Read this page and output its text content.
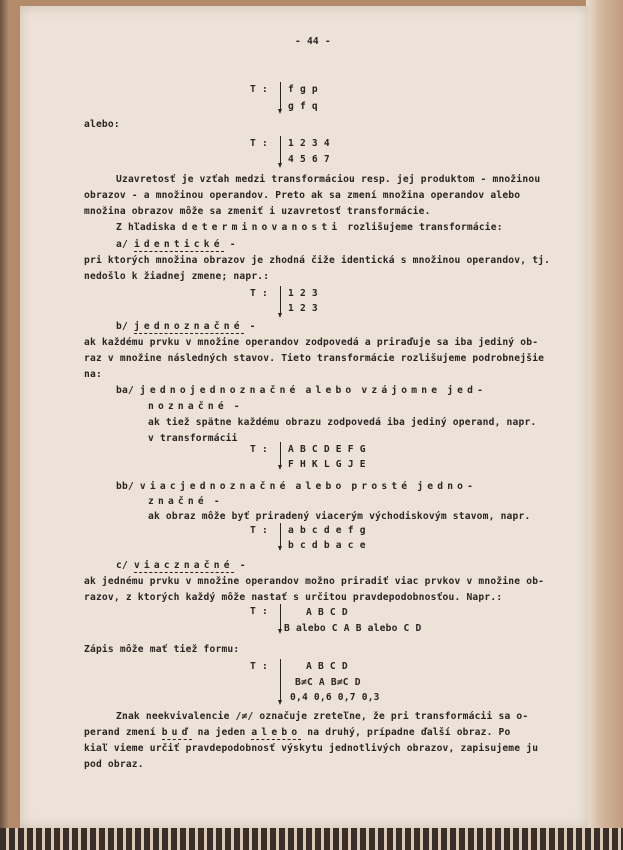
- 44 -
T : f g p
g f q
alebo:
T : 1 2 3 4
4 5 6 7
Uzavretosť je vzťah medzi transformáciou resp. jej produktom - množinou
obrazov - a množinou operandov. Preto ak sa zmení množina operandov alebo
množina obrazov môže sa zmeniť i uzavretosť transformácie.
Z hľadiska determinovanosti rozlišujeme transformácie:
a/ identické -
pri ktorých množina obrazov je zhodná čiže identická s množinou operandov, tj.
nedošlo k žiadnej zmene; napr.:
T : 1 2 3
1 2 3
b/ jednoznačné -
ak každému prvku v množine operandov zodpovedá a priraďuje sa iba jediný ob-
raz v množine následných stavov. Tieto transformácie rozlišujeme podrobnejšie
na:
ba/ jednojednoznačné alebo vzájomne jed-
noznačné -
ak tiež spätne každému obrazu zodpovedá iba jediný operand, napr.
v transformácii
T : A B C D E F G
F H K L G J E
bb/ viacjednoznačné alebo prosté jedno-
značné -
ak obraz môže byť priradený viacerým východiskovým stavom, napr.
T : a b c d e f g
b c d b a c e
c/ viacznačné -
ak jednému prvku v množine operandov možno priradiť viac prvkov v množine ob-
razov, z ktorých každý môže nastať s určitou pravdepodobnosťou. Napr.:
T :	A B C D
B alebo C A B alebo C D
Zápis môže mať tiež formu:
T :	A B C D
B≠C A B≠C D
0,4 0,6 0,7 0,3
Znak neekvivalencie /≠/ označuje zreteľne, že pri transformácii sa o-
perand zmení buď na jeden alebo na druhý, prípadne ďalší obraz. Po
kiaľ vieme určiť pravdepodobnosť výskytu jednotlivých obrazov, zapisujeme ju
pod obraz.
